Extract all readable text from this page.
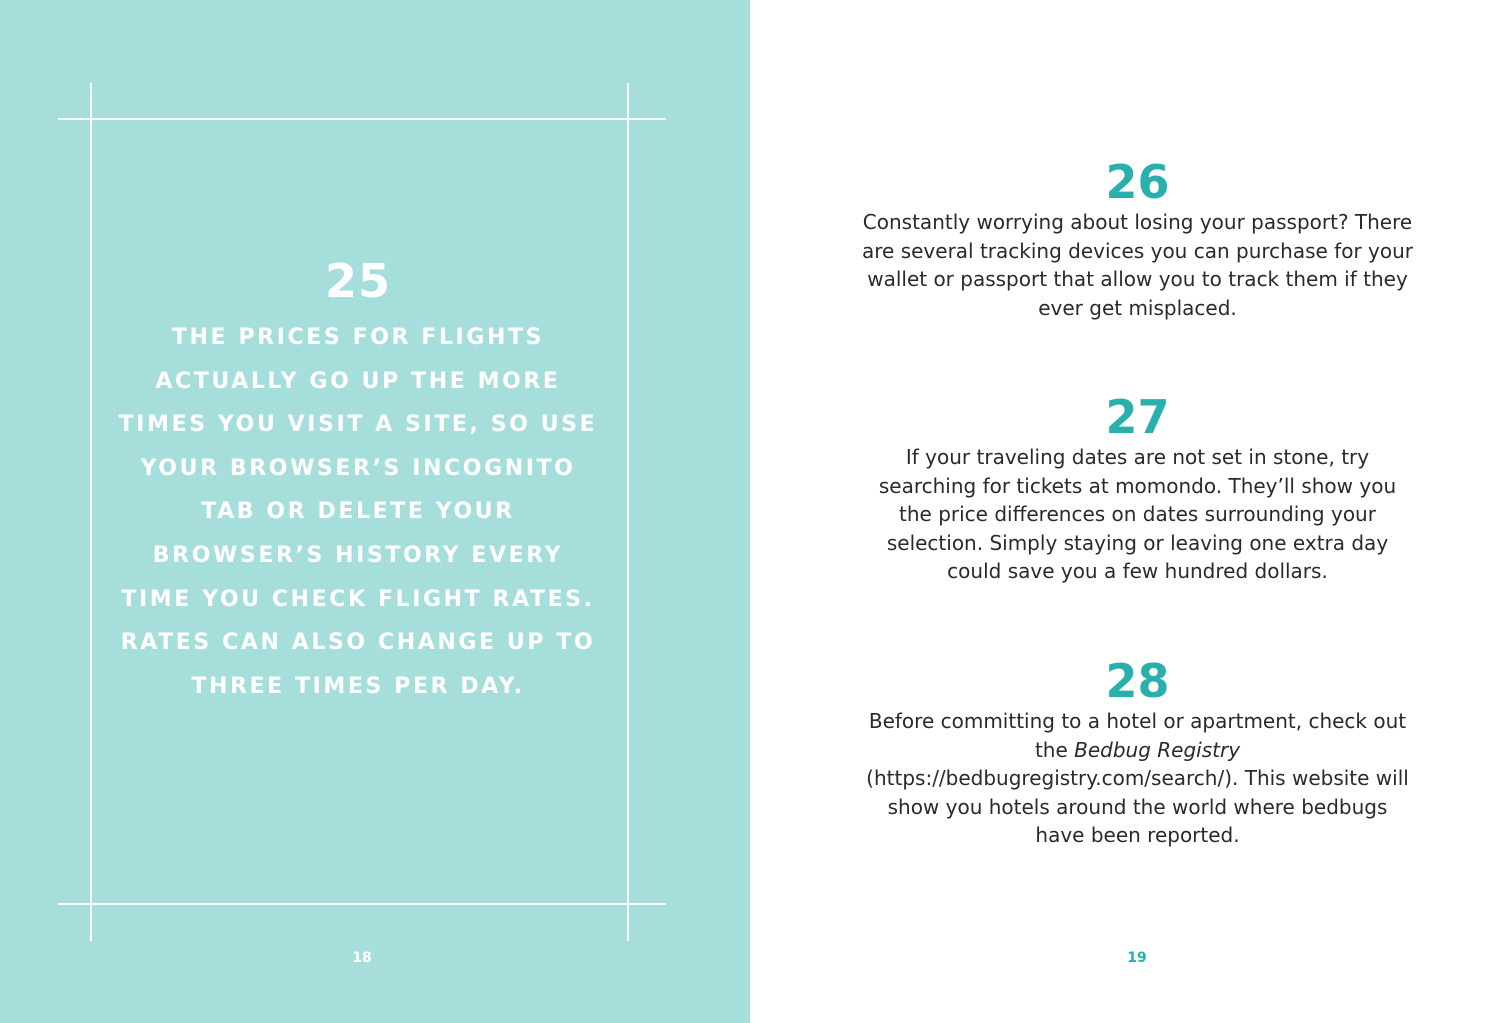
25

THE PRICES FOR FLIGHTS ACTUALLY GO UP THE MORE TIMES YOU VISIT A SITE, SO USE YOUR BROWSER’S INCOGNITO TAB OR DELETE YOUR BROWSER’S HISTORY EVERY TIME YOU CHECK FLIGHT RATES. RATES CAN ALSO CHANGE UP TO THREE TIMES PER DAY.

18
26

Constantly worrying about losing your passport? There are several tracking devices you can purchase for your wallet or passport that allow you to track them if they ever get misplaced.

27

If your traveling dates are not set in stone, try searching for tickets at momondo. They’ll show you the price differences on dates surrounding your selection. Simply staying or leaving one extra day could save you a few hundred dollars.

28

Before committing to a hotel or apartment, check out the Bedbug Registry (https://bedbugregistry.com/search/). This website will show you hotels around the world where bedbugs have been reported.

19
